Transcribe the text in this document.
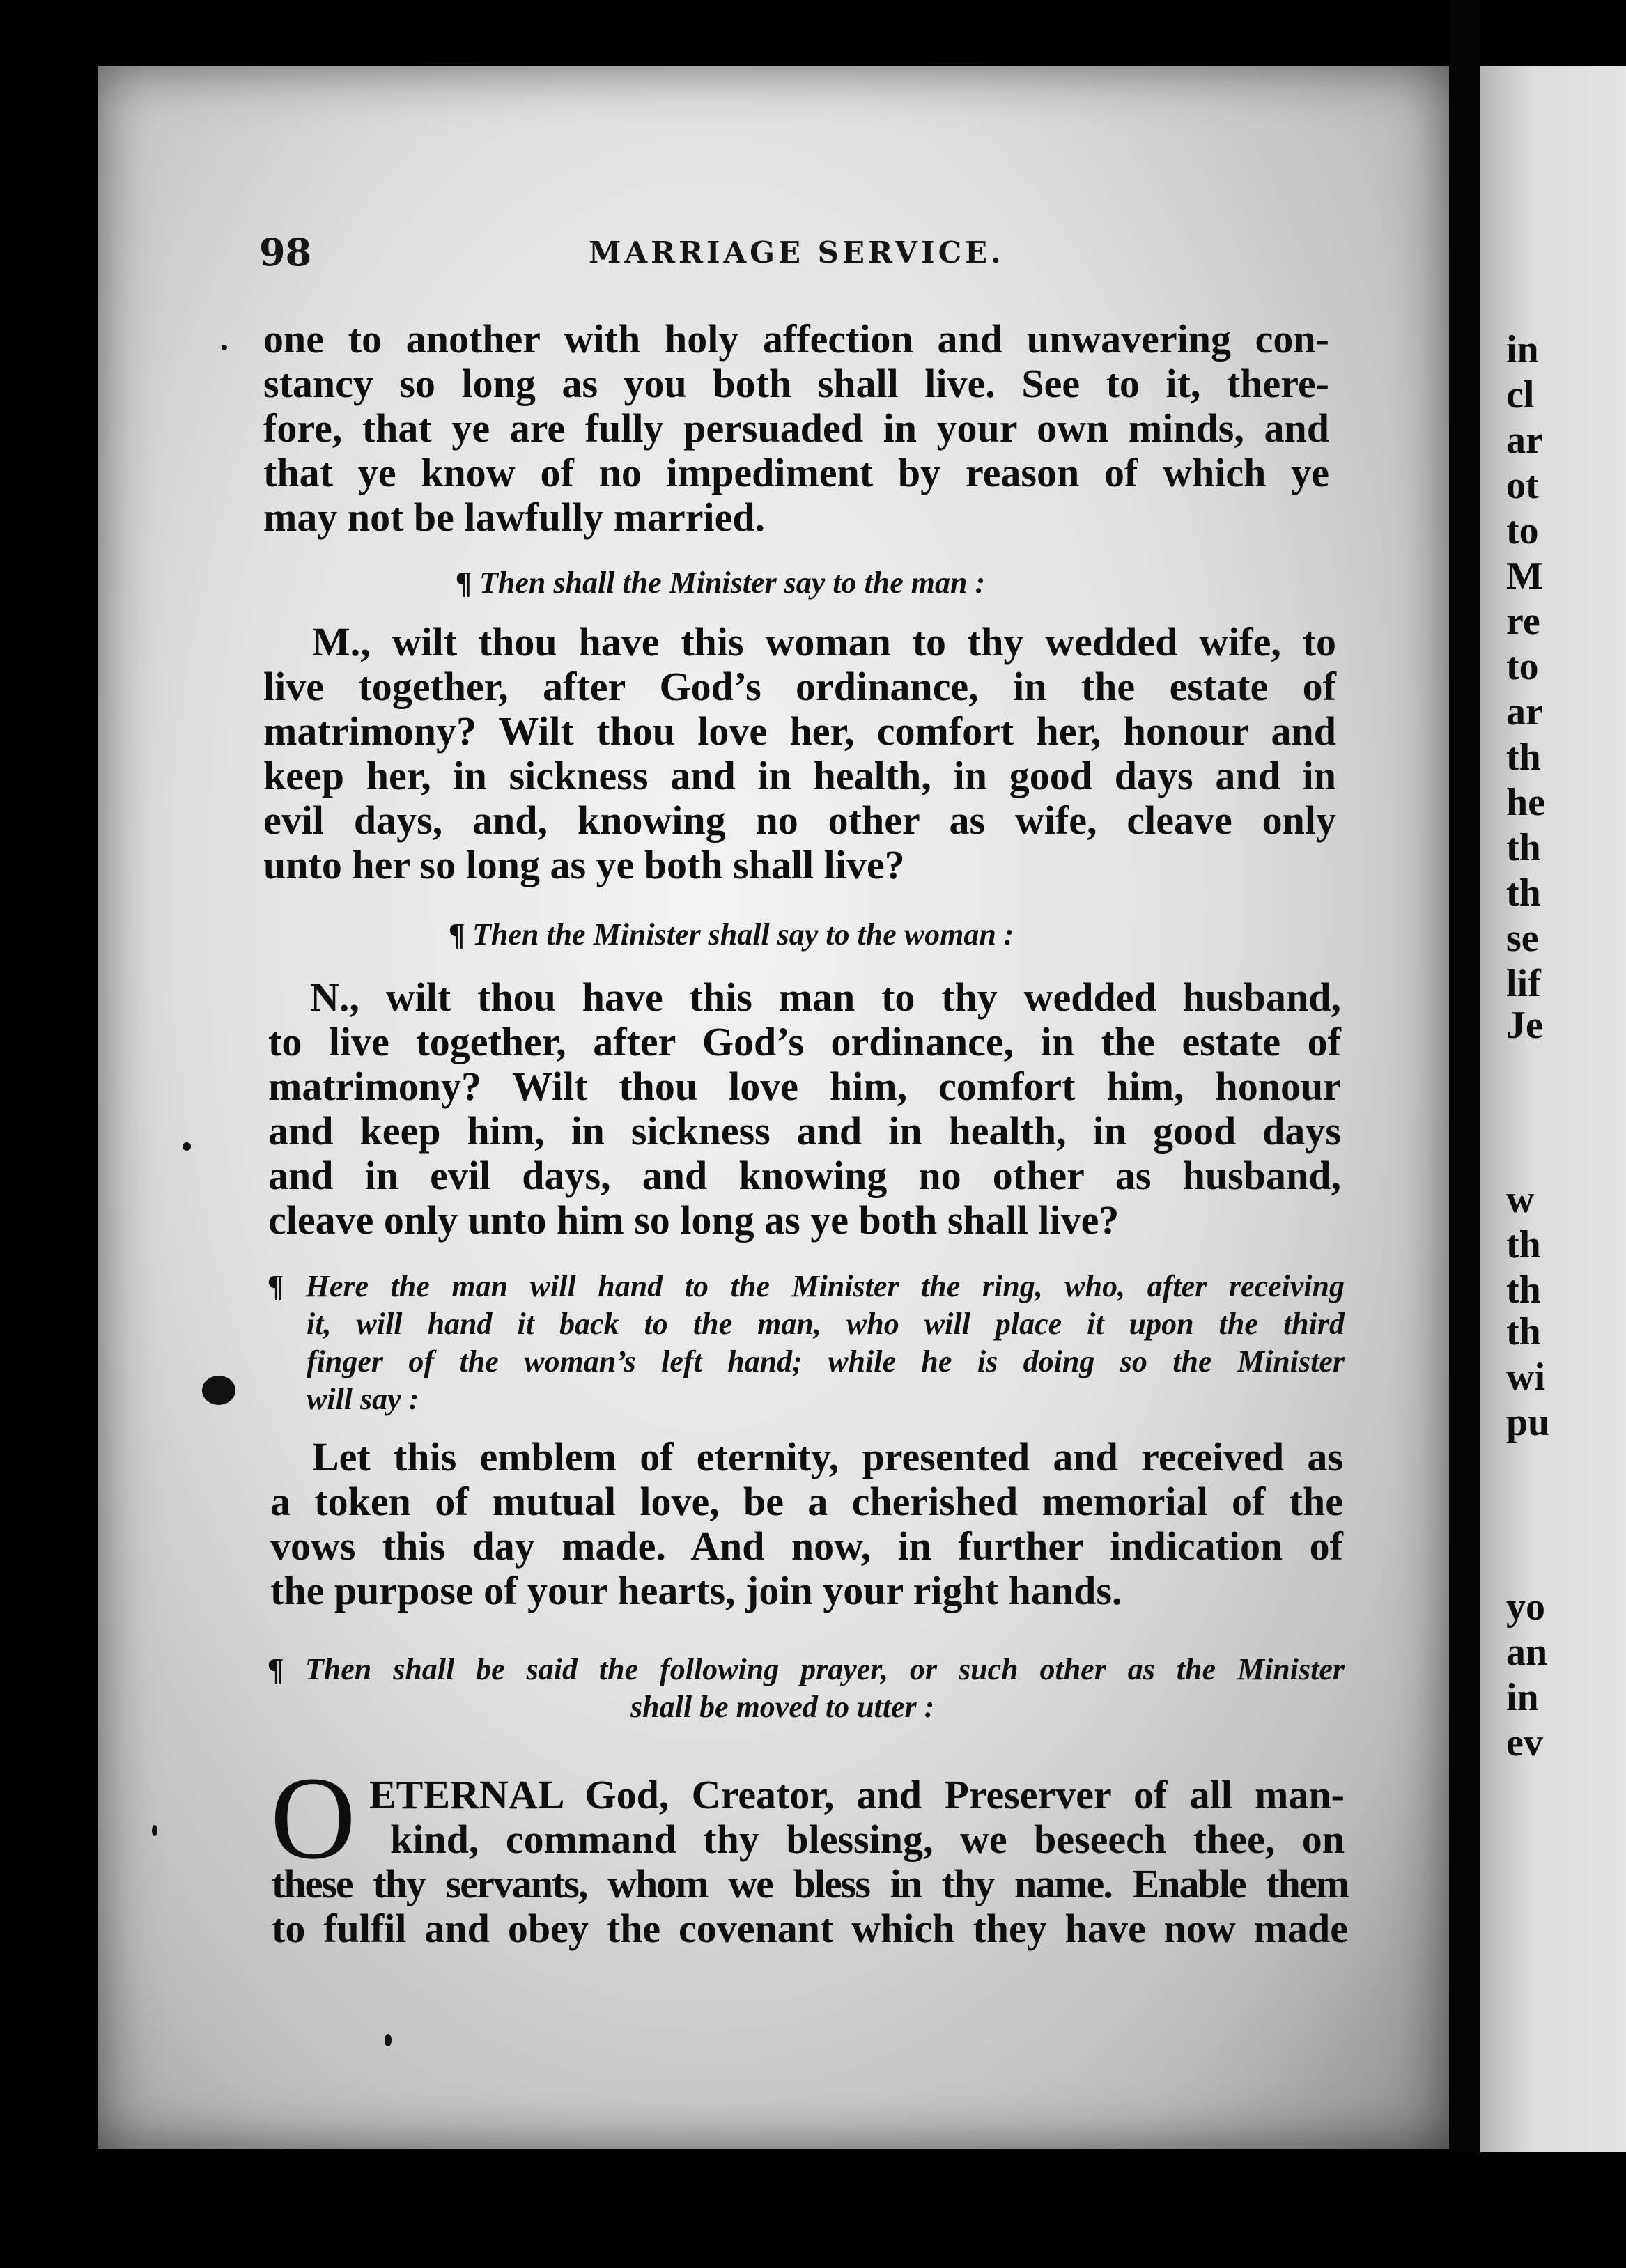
98	MARRIAGE SERVICE.
one to another with holy affection and unwavering con-
stancy so long as you both shall live. See to it, there-
fore, that ye are fully persuaded in your own minds, and
that ye know of no impediment by reason of which ye
may not be lawfully married.
¶ Then shall the Minister say to the man :
M., wilt thou have this woman to thy wedded wife, to
live together, after God’s ordinance, in the estate of
matrimony? Wilt thou love her, comfort her, honour and
keep her, in sickness and in health, in good days and in
evil days, and, knowing no other as wife, cleave only
unto her so long as ye both shall live?
¶ Then the Minister shall say to the woman :
N., wilt thou have this man to thy wedded husband,
to live together, after God’s ordinance, in the estate of
matrimony? Wilt thou love him, comfort him, honour
and keep him, in sickness and in health, in good days
and in evil days, and knowing no other as husband,
cleave only unto him so long as ye both shall live?
¶ Here the man will hand to the Minister the ring, who, after receiving
it, will hand it back to the man, who will place it upon the third
finger of the woman’s left hand; while he is doing so the Minister
will say :
Let this emblem of eternity, presented and received as
a token of mutual love, be a cherished memorial of the
vows this day made. And now, in further indication of
the purpose of your hearts, join your right hands.
¶ Then shall be said the following prayer, or such other as the Minister
shall be moved to utter :
O ETERNAL God, Creator, and Preserver of all man-
kind, command thy blessing, we beseech thee, on
these thy servants, whom we bless in thy name. Enable them
to fulfil and obey the covenant which they have now made
in
cl
ar
ot
to
M
re
to
ar
th
he
th
th
se
lif
Je
w
th
th
th
wi
pu
yo
an
in
ev
